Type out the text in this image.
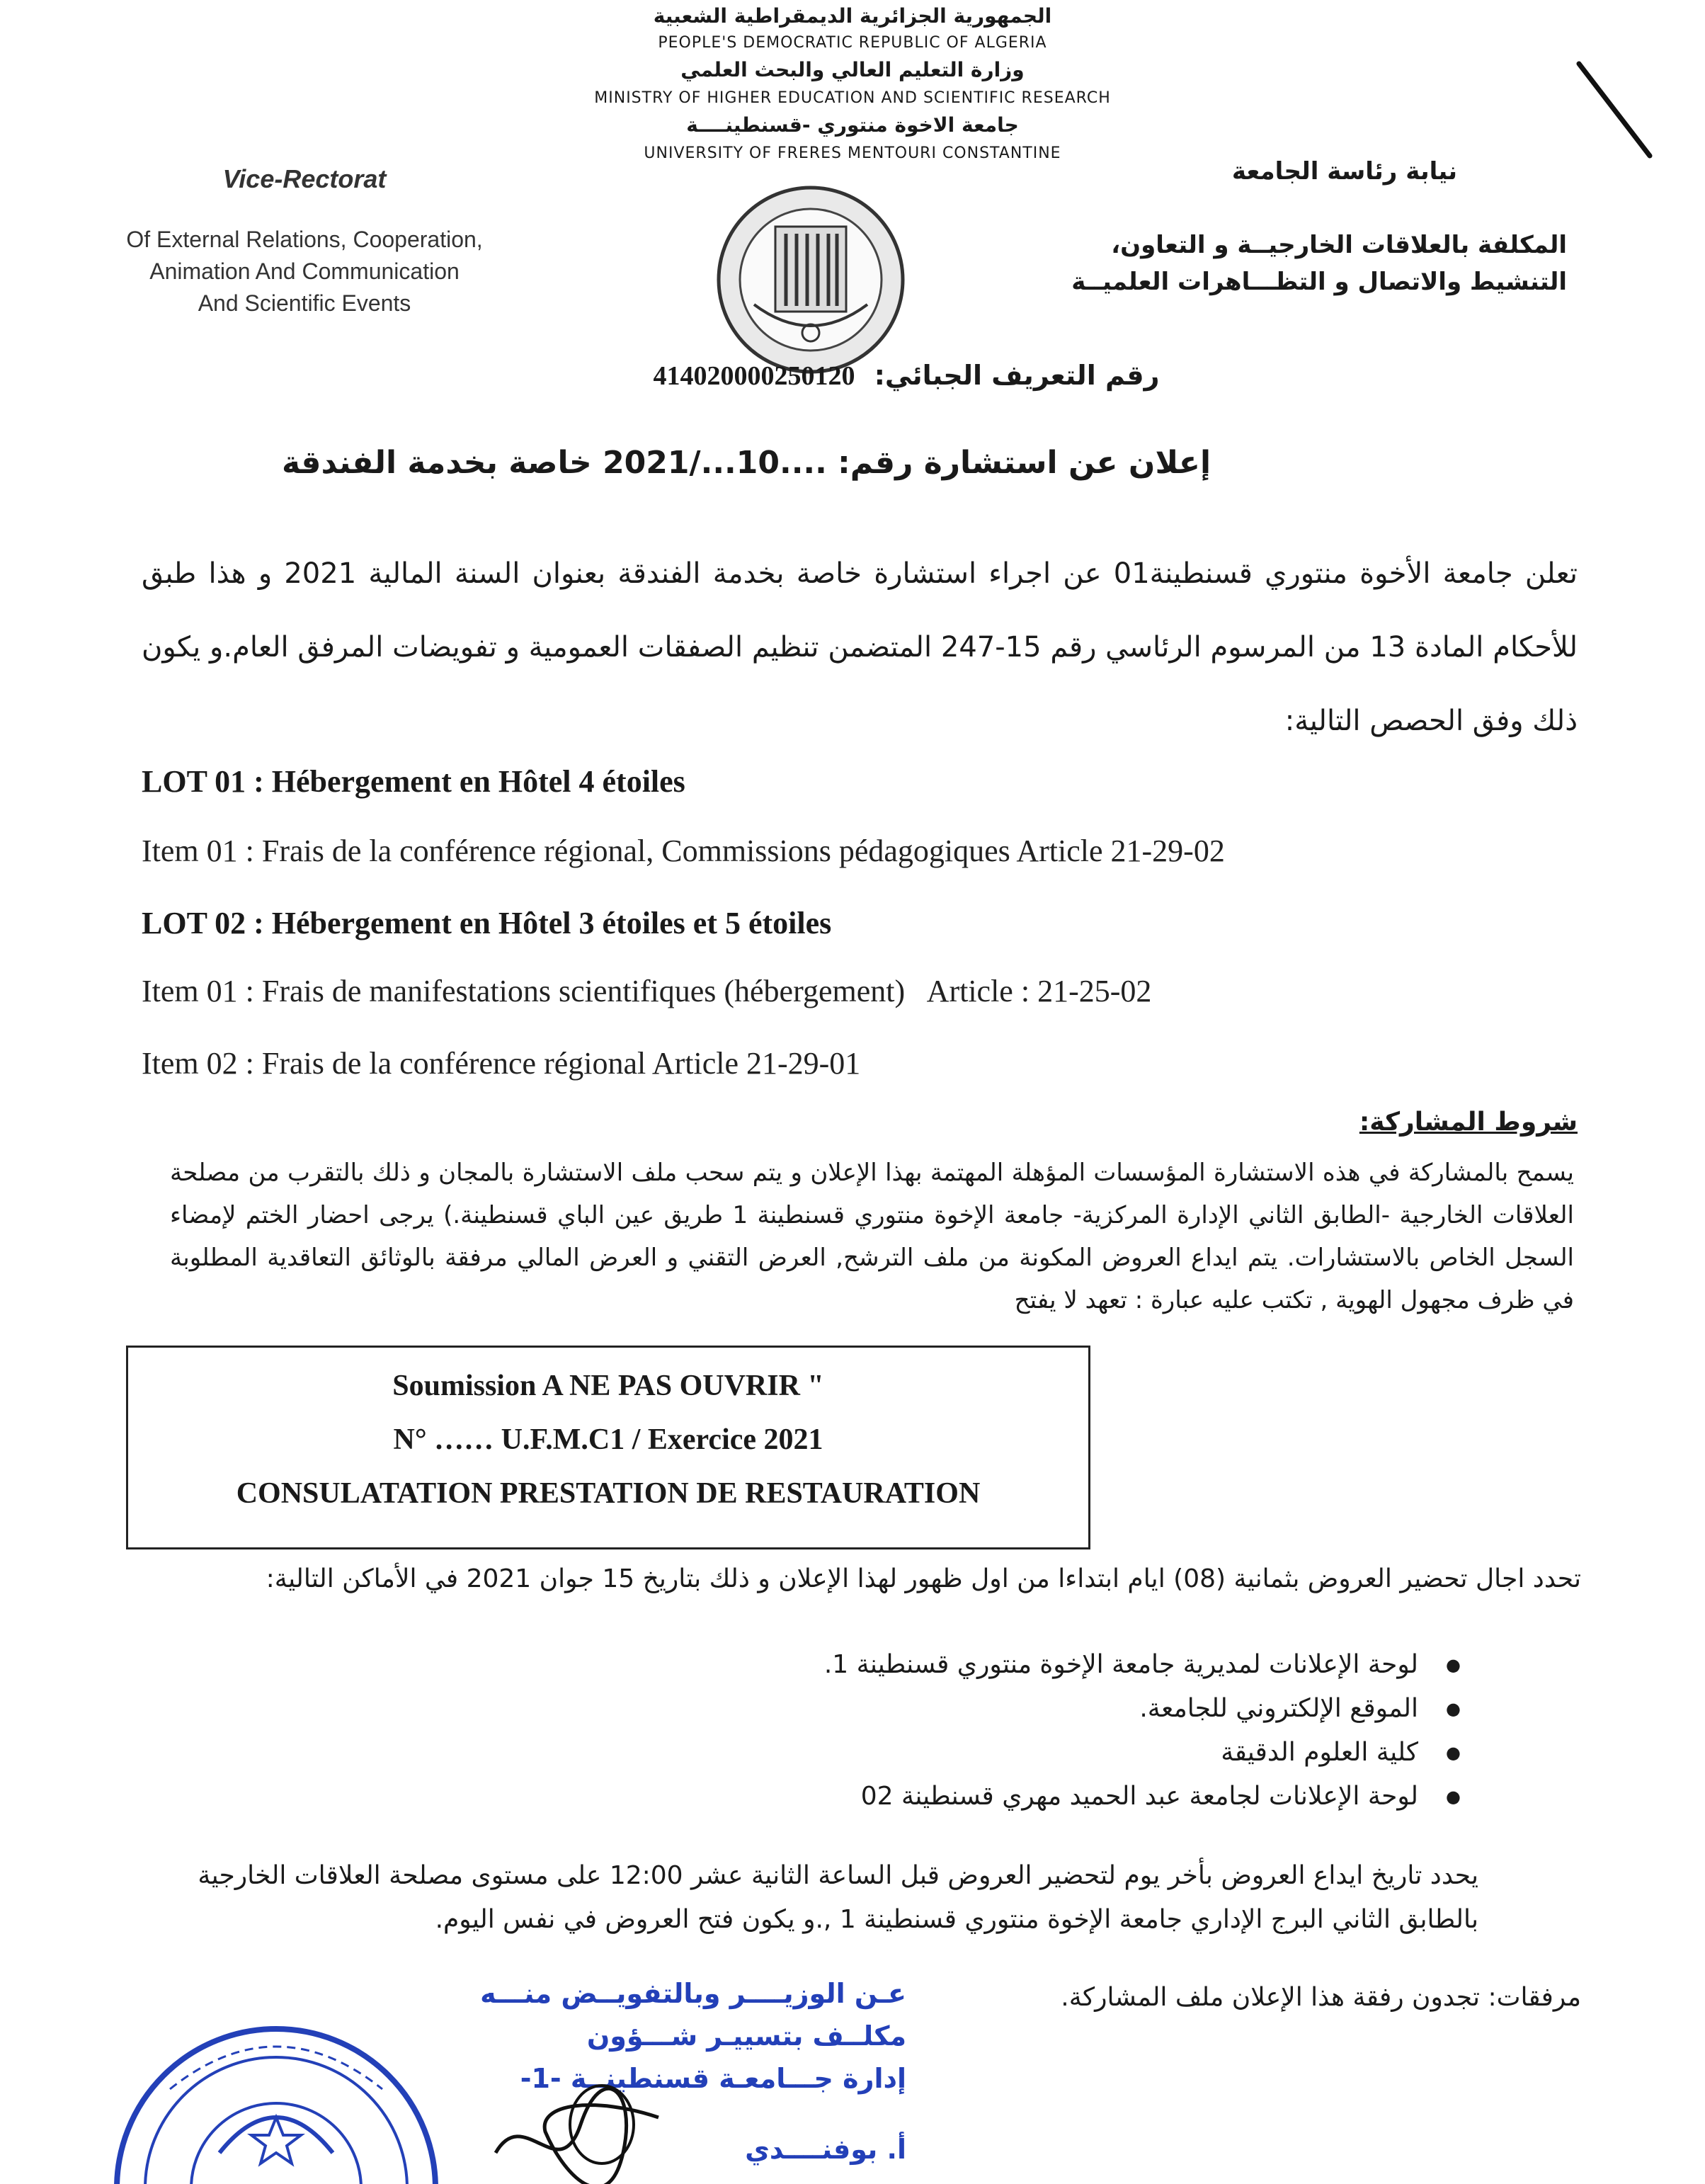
الجمهورية الجزائرية الديمقراطية الشعبية
PEOPLE'S DEMOCRATIC REPUBLIC OF ALGERIA
وزارة التعليم العالي والبحث العلمي
MINISTRY OF HIGHER EDUCATION AND SCIENTIFIC RESEARCH
جامعة الاخوة منتوري -قسنطينــــة
UNIVERSITY OF FRERES MENTOURI CONSTANTINE
Vice-Rectorat
Of External Relations, Cooperation,
Animation And Communication
And Scientific Events
نيابة رئاسة الجامعة
المكلفة بالعلاقات الخارجيــة و التعاون،
التنشيط والاتصال و التظـــاهرات العلميــة
رقم التعريف الجبائي: 414020000250120
إعلان عن استشارة رقم: ....10.../2021 خاصة بخدمة الفندقة
تعلن جامعة الأخوة منتوري قسنطينة01 عن اجراء استشارة خاصة بخدمة الفندقة بعنوان السنة المالية 2021 و هذا طبق للأحكام المادة 13 من المرسوم الرئاسي رقم 15-247 المتضمن تنظيم الصفقات العمومية و تفويضات المرفق العام.و يكون ذلك وفق الحصص التالية:
LOT 01 : Hébergement en Hôtel 4 étoiles
Item 01 : Frais de la conférence régional, Commissions pédagogiques Article 21-29-02
LOT 02 : Hébergement en Hôtel 3 étoiles et 5 étoiles
Item 01 : Frais de manifestations scientifiques (hébergement)   Article : 21-25-02
Item 02 : Frais de la conférence régional Article 21-29-01
شروط المشاركة:
يسمح بالمشاركة في هذه الاستشارة المؤسسات المؤهلة المهتمة بهذا الإعلان و يتم سحب ملف الاستشارة بالمجان و ذلك بالتقرب من مصلحة العلاقات الخارجية -الطابق الثاني الإدارة المركزية- جامعة الإخوة منتوري قسنطينة 1 طريق عين الباي قسنطينة.) يرجى احضار الختم لإمضاء السجل الخاص بالاستشارات. يتم ايداع العروض المكونة من ملف الترشح, العرض التقني و العرض المالي مرفقة بالوثائق التعاقدية المطلوبة في ظرف مجهول الهوية , تكتب عليه عبارة : تعهد لا يفتح
Soumission A NE PAS OUVRIR "
N° …… U.F.M.C1 / Exercice 2021
CONSULATATION PRESTATION DE RESTAURATION
تحدد اجال تحضير العروض بثمانية (08) ايام ابتداءا من اول ظهور لهذا الإعلان و ذلك بتاريخ 15 جوان 2021 في الأماكن التالية:
● لوحة الإعلانات لمديرية جامعة الإخوة منتوري قسنطينة 1.
● الموقع الإلكتروني للجامعة.
● كلية العلوم الدقيقة
● لوحة الإعلانات لجامعة عبد الحميد مهري قسنطينة 02
يحدد تاريخ ايداع العروض بأخر يوم لتحضير العروض قبل الساعة الثانية عشر 12:00 على مستوى مصلحة العلاقات الخارجية بالطابق الثاني البرج الإداري جامعة الإخوة منتوري قسنطينة 1 ,.و يكون فتح العروض في نفس اليوم.
مرفقات: تجدون رفقة هذا الإعلان ملف المشاركة.
عـن الوزيــــر وبالتفويــض منـــه
مكلــف بتسييـر شـــؤون
إدارة جـــامعـة قسنطينــة -1-
أ. بوفنــــدي
